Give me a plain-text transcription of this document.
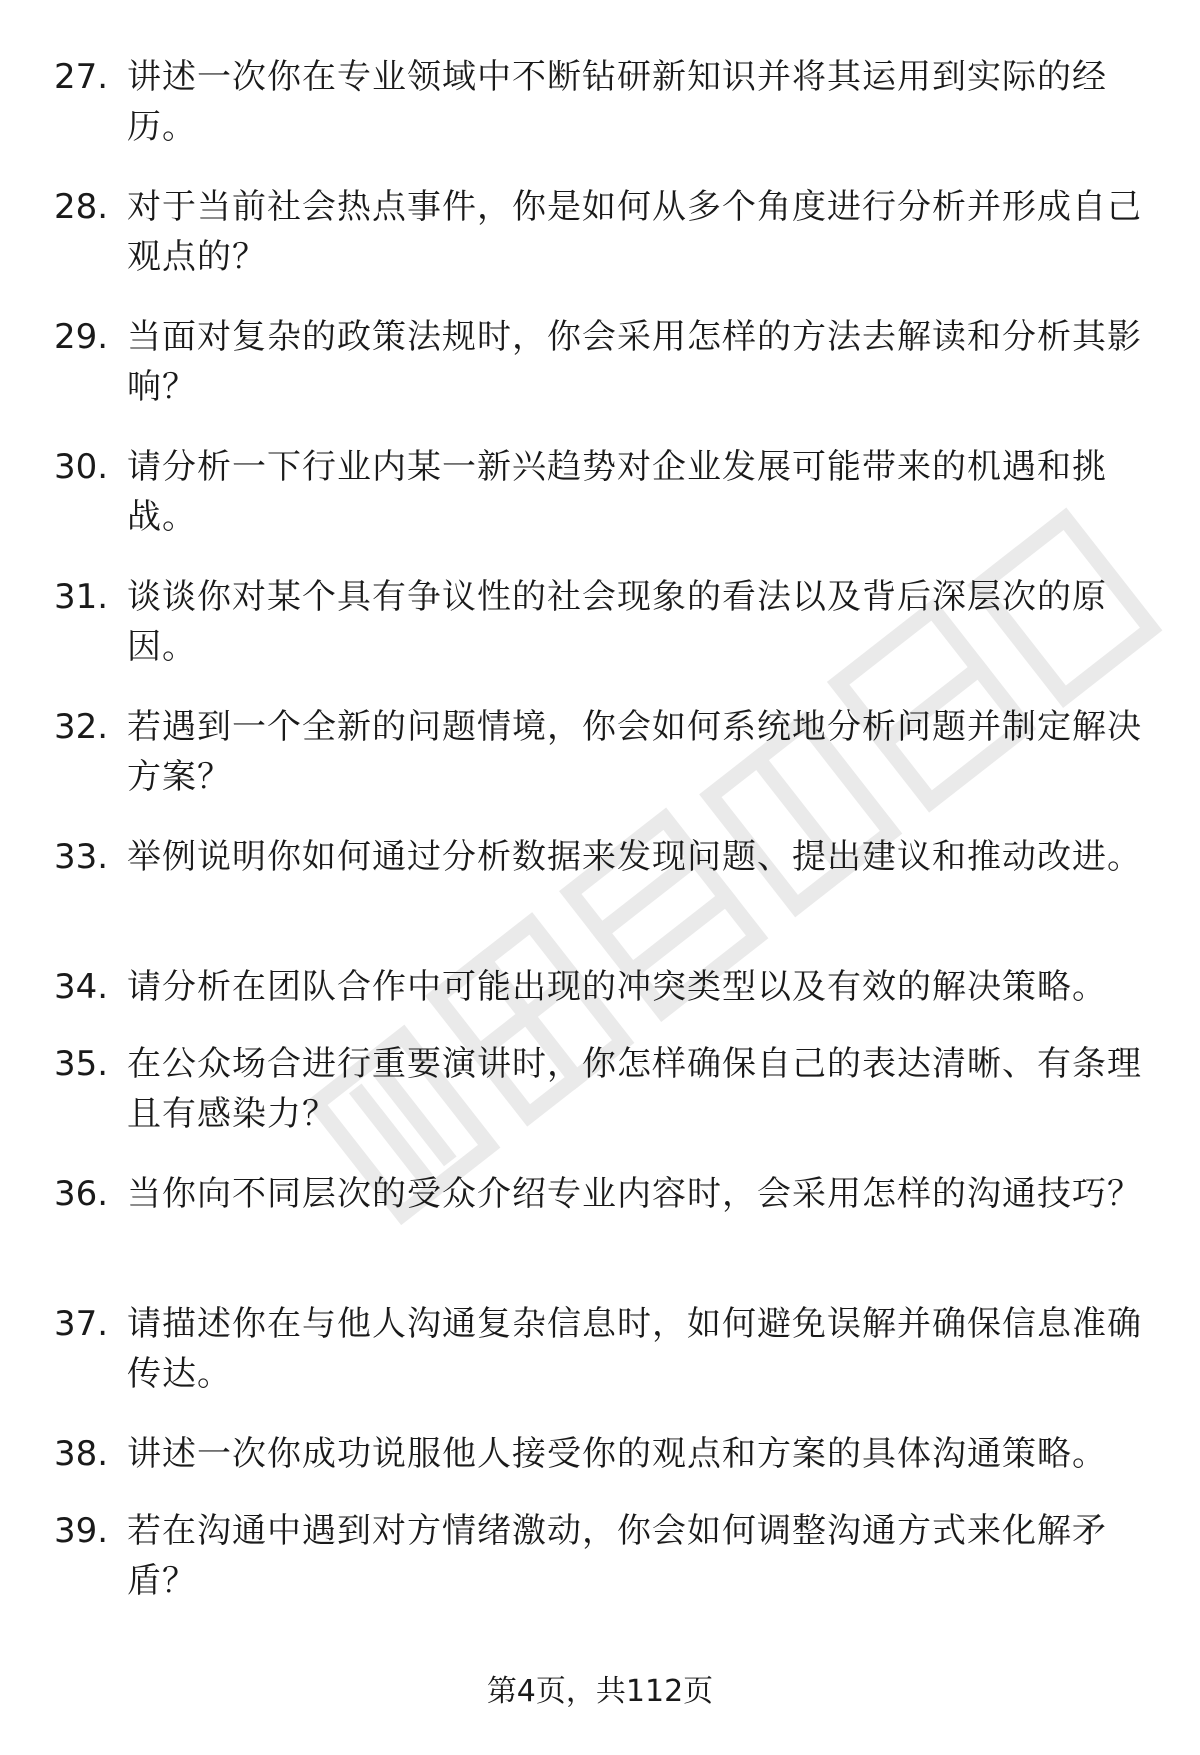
27. 讲述一次你在专业领域中不断钻研新知识并将其运用到实际的经历。
28. 对于当前社会热点事件，你是如何从多个角度进行分析并形成自己观点的？
29. 当面对复杂的政策法规时，你会采用怎样的方法去解读和分析其影响？
30. 请分析一下行业内某一新兴趋势对企业发展可能带来的机遇和挑战。
31. 谈谈你对某个具有争议性的社会现象的看法以及背后深层次的原因。
32. 若遇到一个全新的问题情境，你会如何系统地分析问题并制定解决方案？
33. 举例说明你如何通过分析数据来发现问题、提出建议和推动改进。
34. 请分析在团队合作中可能出现的冲突类型以及有效的解决策略。
35. 在公众场合进行重要演讲时，你怎样确保自己的表达清晰、有条理且有感染力？
36. 当你向不同层次的受众介绍专业内容时，会采用怎样的沟通技巧？
37. 请描述你在与他人沟通复杂信息时，如何避免误解并确保信息准确传达。
38. 讲述一次你成功说服他人接受你的观点和方案的具体沟通策略。
39. 若在沟通中遇到对方情绪激动，你会如何调整沟通方式来化解矛盾？
第4页，共112页
